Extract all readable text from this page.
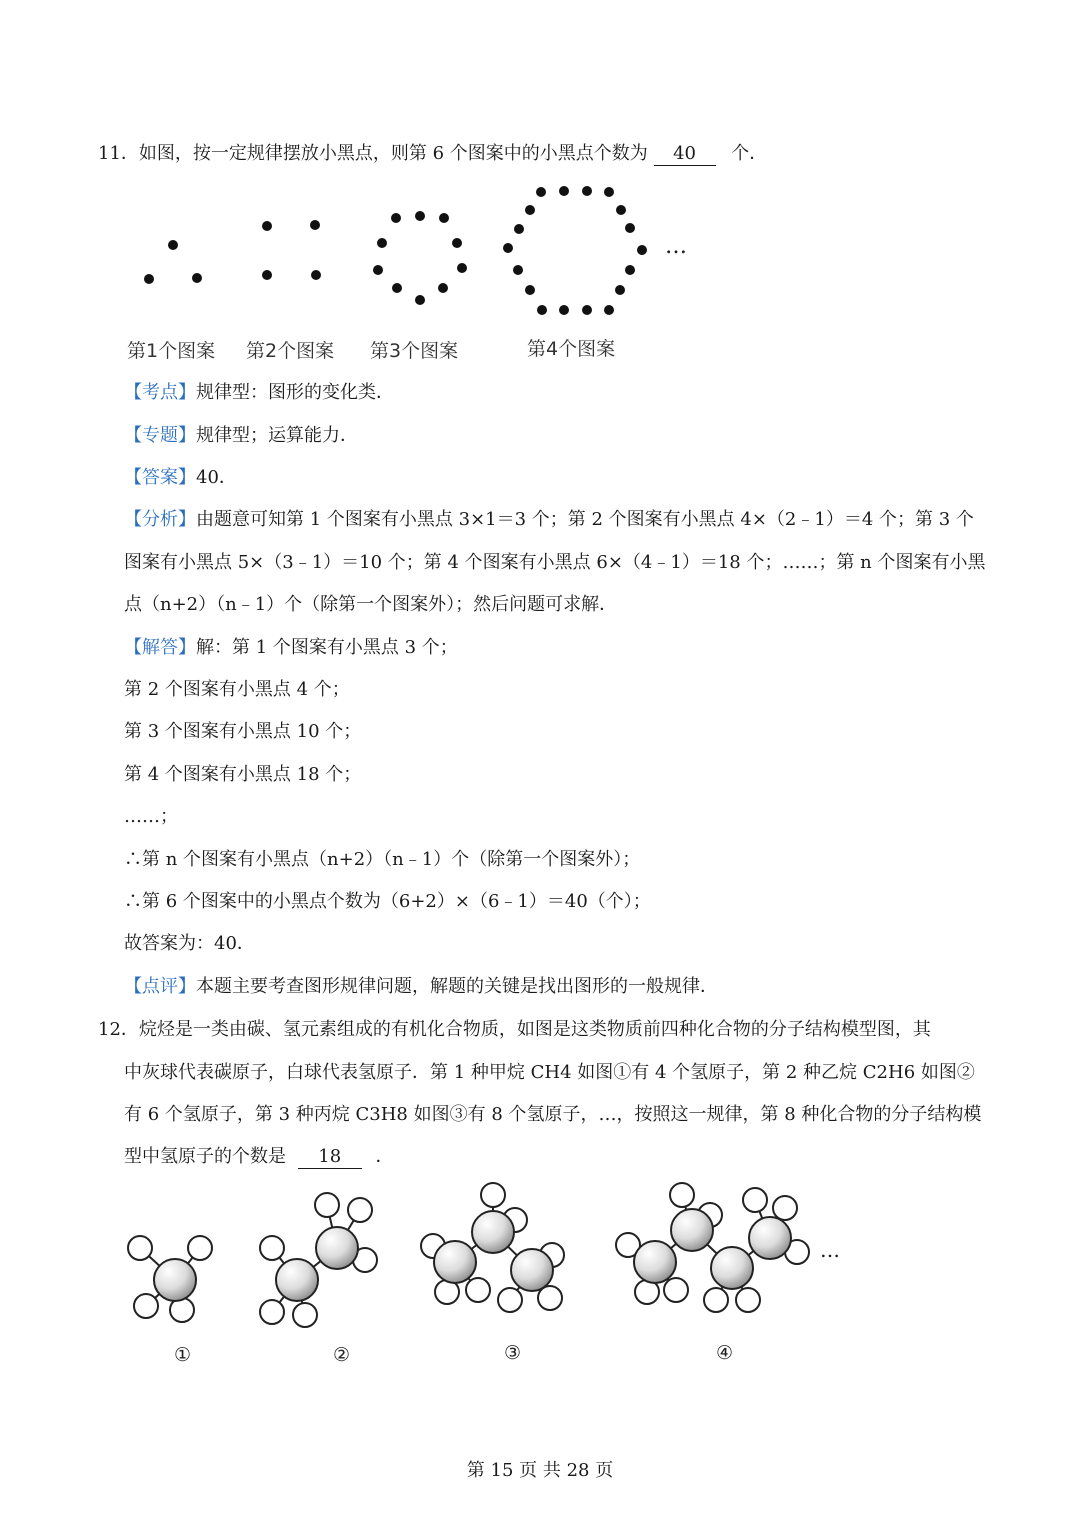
11．如图，按一定规律摆放小黑点，则第 6 个图案中的小黑点个数为 40 个．
…
第1个图案 第2个图案 第3个图案	第4个图案
【考点】规律型：图形的变化类．
【专题】规律型；运算能力．
【答案】40．
【分析】由题意可知第 1 个图案有小黑点 3×1＝3 个；第 2 个图案有小黑点 4×（2﹣1）＝4 个；第 3 个
图案有小黑点 5×（3﹣1）＝10 个；第 4 个图案有小黑点 6×（4﹣1）＝18 个；……；第 n 个图案有小黑
点（n+2）（n﹣1）个（除第一个图案外）；然后问题可求解．
【解答】解：第 1 个图案有小黑点 3 个；
第 2 个图案有小黑点 4 个；
第 3 个图案有小黑点 10 个；
第 4 个图案有小黑点 18 个；
……；
∴第 n 个图案有小黑点（n+2）（n﹣1）个（除第一个图案外）；
∴第 6 个图案中的小黑点个数为（6+2）×（6﹣1）＝40（个）；
故答案为：40．
【点评】本题主要考查图形规律问题，解题的关键是找出图形的一般规律．
12．烷烃是一类由碳、氢元素组成的有机化合物质，如图是这类物质前四种化合物的分子结构模型图，其
中灰球代表碳原子，白球代表氢原子．第 1 种甲烷 CH4 如图①有 4 个氢原子，第 2 种乙烷 C2H6 如图②
有 6 个氢原子，第 3 种丙烷 C3H8 如图③有 8 个氢原子，…，按照这一规律，第 8 种化合物的分子结构模
型中氢原子的个数是 18 ．
…
①	②	③	④
第 15 页 共 28 页
